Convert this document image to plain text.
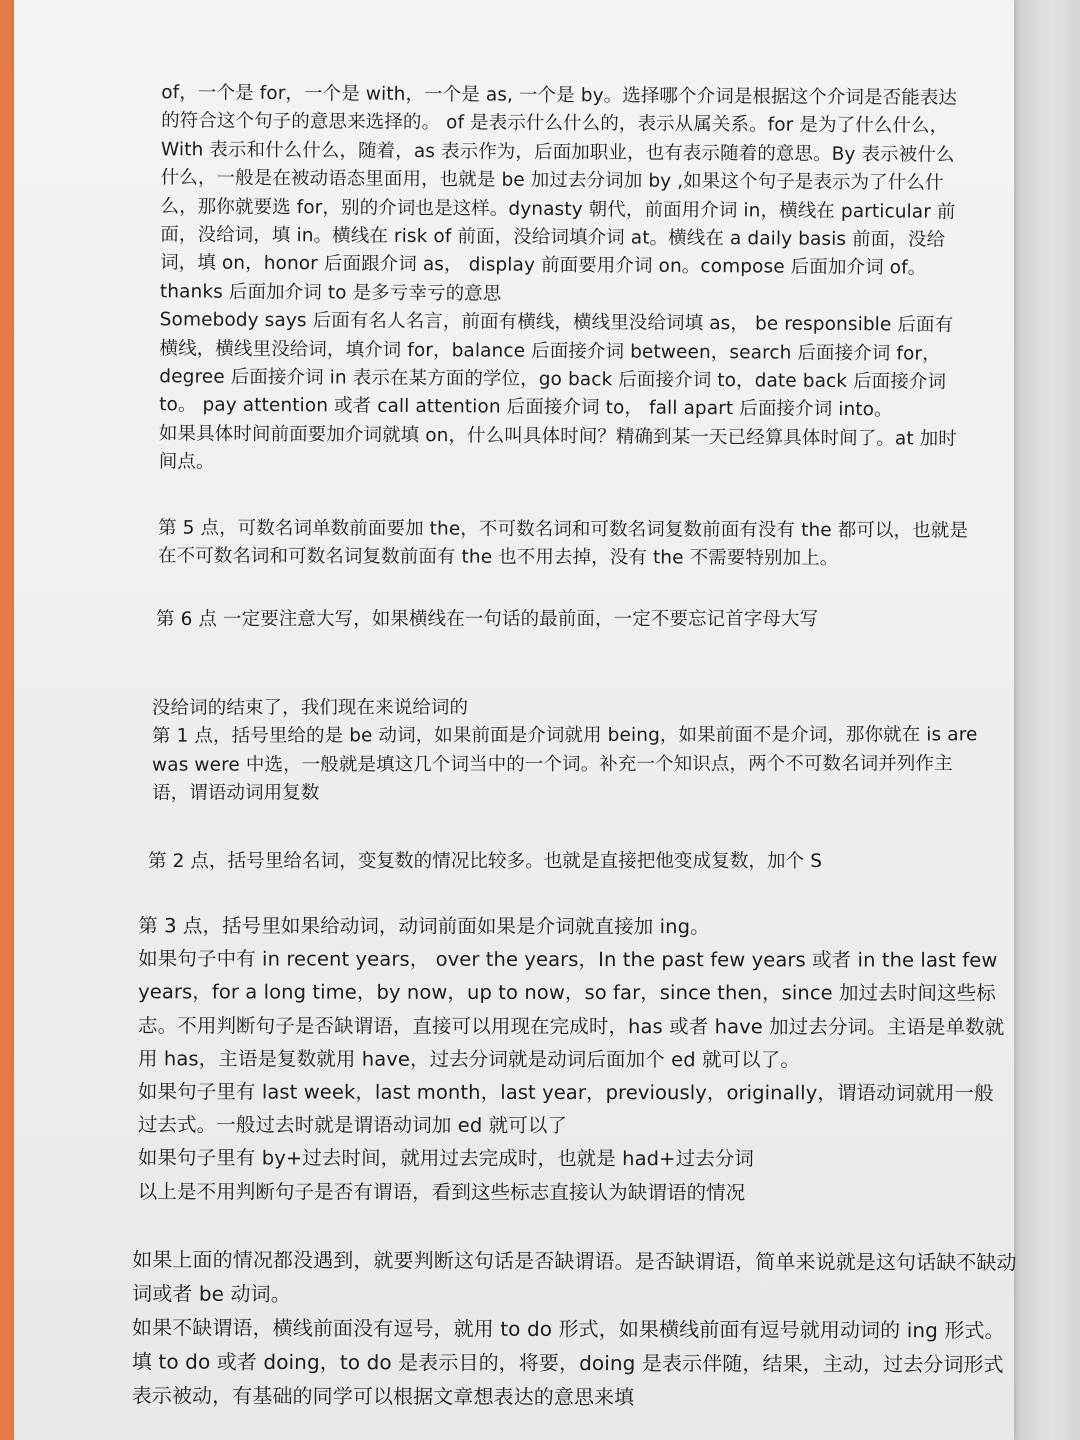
of，一个是 for，一个是 with，一个是 as, 一个是 by。选择哪个介词是根据这个介词是否能表达的符合这个句子的意思来选择的。 of 是表示什么什么的，表示从属关系。for 是为了什么什么，With 表示和什么什么，随着，as 表示作为，后面加职业，也有表示随着的意思。By 表示被什么什么，一般是在被动语态里面用，也就是 be 加过去分词加 by ,如果这个句子是表示为了什么什么，那你就要选 for，别的介词也是这样。dynasty 朝代，前面用介词 in，横线在 particular 前面，没给词，填 in。横线在 risk of 前面，没给词填介词 at。横线在 a daily basis 前面，没给词，填 on，honor 后面跟介词 as， display 前面要用介词 on。compose 后面加介词 of。thanks 后面加介词 to 是多亏幸亏的意思

Somebody says 后面有名人名言，前面有横线，横线里没给词填 as， be responsible 后面有横线，横线里没给词，填介词 for，balance 后面接介词 between，search 后面接介词 for，degree 后面接介词 in 表示在某方面的学位，go back 后面接介词 to，date back 后面接介词 to。 pay attention 或者 call attention 后面接介词 to， fall apart 后面接介词 into。

如果具体时间前面要加介词就填 on，什么叫具体时间？精确到某一天已经算具体时间了。at 加时间点。

第 5 点，可数名词单数前面要加 the，不可数名词和可数名词复数前面有没有 the 都可以，也就是在不可数名词和可数名词复数前面有 the 也不用去掉，没有 the 不需要特别加上。

第 6 点 一定要注意大写，如果横线在一句话的最前面，一定不要忘记首字母大写

没给词的结束了，我们现在来说给词的

第 1 点，括号里给的是 be 动词，如果前面是介词就用 being，如果前面不是介词，那你就在 is are was were 中选，一般就是填这几个词当中的一个词。补充一个知识点，两个不可数名词并列作主语，谓语动词用复数

第 2 点，括号里给名词，变复数的情况比较多。也就是直接把他变成复数，加个 S

第 3 点，括号里如果给动词，动词前面如果是介词就直接加 ing。

如果句子中有 in recent years， over the years，In the past few years 或者 in the last few years，for a long time，by now，up to now，so far，since then，since 加过去时间这些标志。不用判断句子是否缺谓语，直接可以用现在完成时，has 或者 have 加过去分词。主语是单数就用 has，主语是复数就用 have，过去分词就是动词后面加个 ed 就可以了。

如果句子里有 last week，last month，last year，previously，originally，谓语动词就用一般过去式。一般过去时就是谓语动词加 ed 就可以了

如果句子里有 by+过去时间，就用过去完成时，也就是 had+过去分词

以上是不用判断句子是否有谓语，看到这些标志直接认为缺谓语的情况

如果上面的情况都没遇到，就要判断这句话是否缺谓语。是否缺谓语，简单来说就是这句话缺不缺动词或者 be 动词。

如果不缺谓语，横线前面没有逗号，就用 to do 形式，如果横线前面有逗号就用动词的 ing 形式。填 to do 或者 doing，to do 是表示目的，将要，doing 是表示伴随，结果，主动，过去分词形式表示被动，有基础的同学可以根据文章想表达的意思来填
